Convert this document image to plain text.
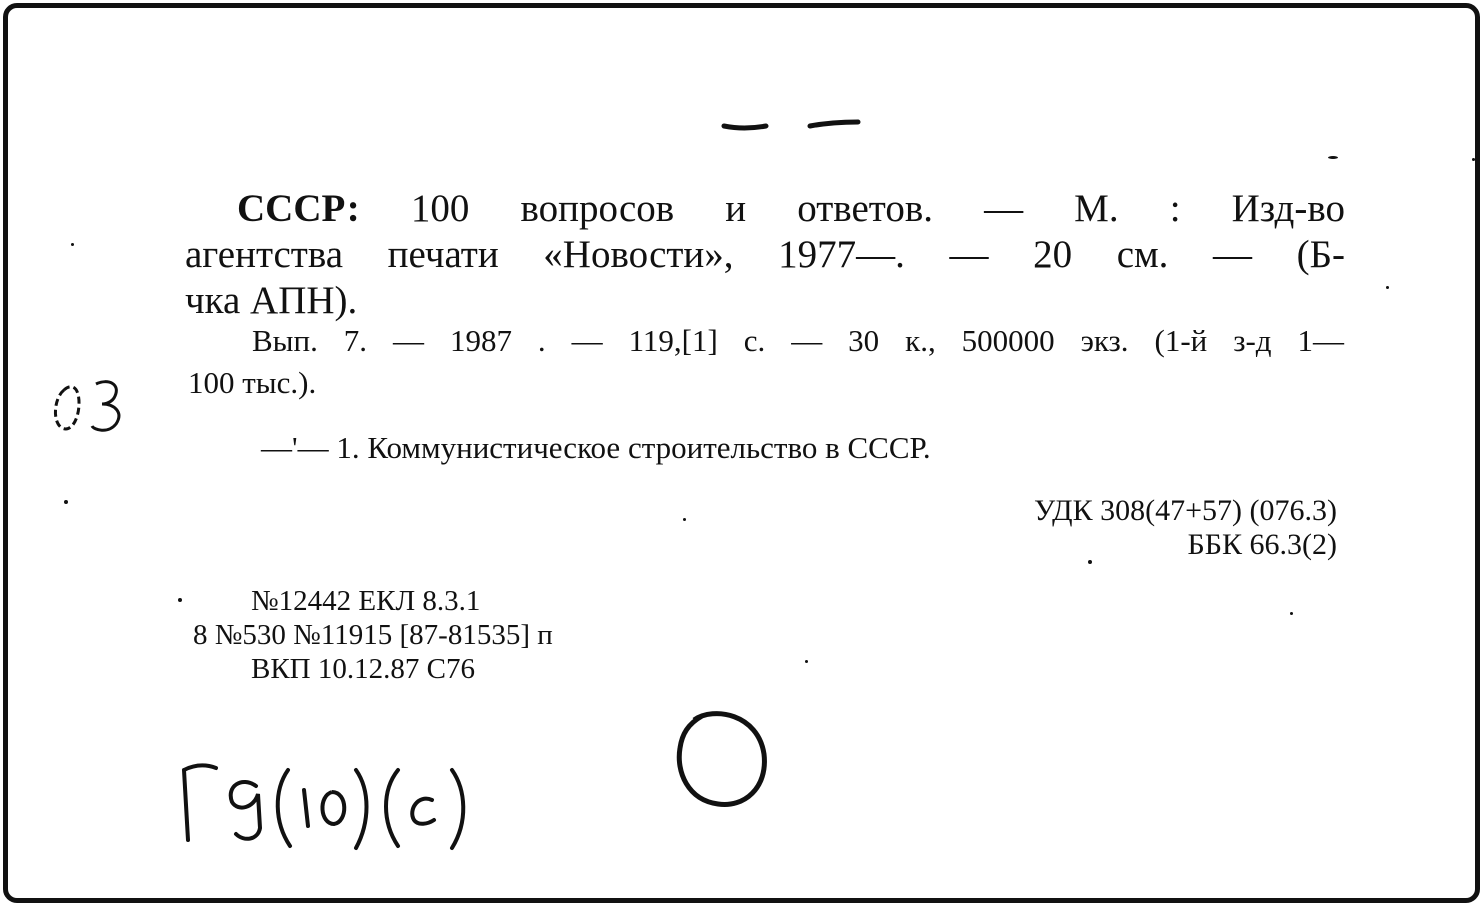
СССР: 100 вопросов и ответов. — М. : Изд-во
агентства печати «Новости», 1977—. — 20 см. — (Б-
чка АПН).
Вып. 7. — 1987 . — 119,[1] с. — 30 к., 500000 экз. (1-й з-д 1—
100 тыс.).
—'— 1. Коммунистическое строительство в СССР.
УДК 308(47+57) (076.3)
ББК 66.3(2)
№12442 ЕКЛ 8.3.1
8 №530 №11915 [87-81535] п
ВКП 10.12.87 С76
